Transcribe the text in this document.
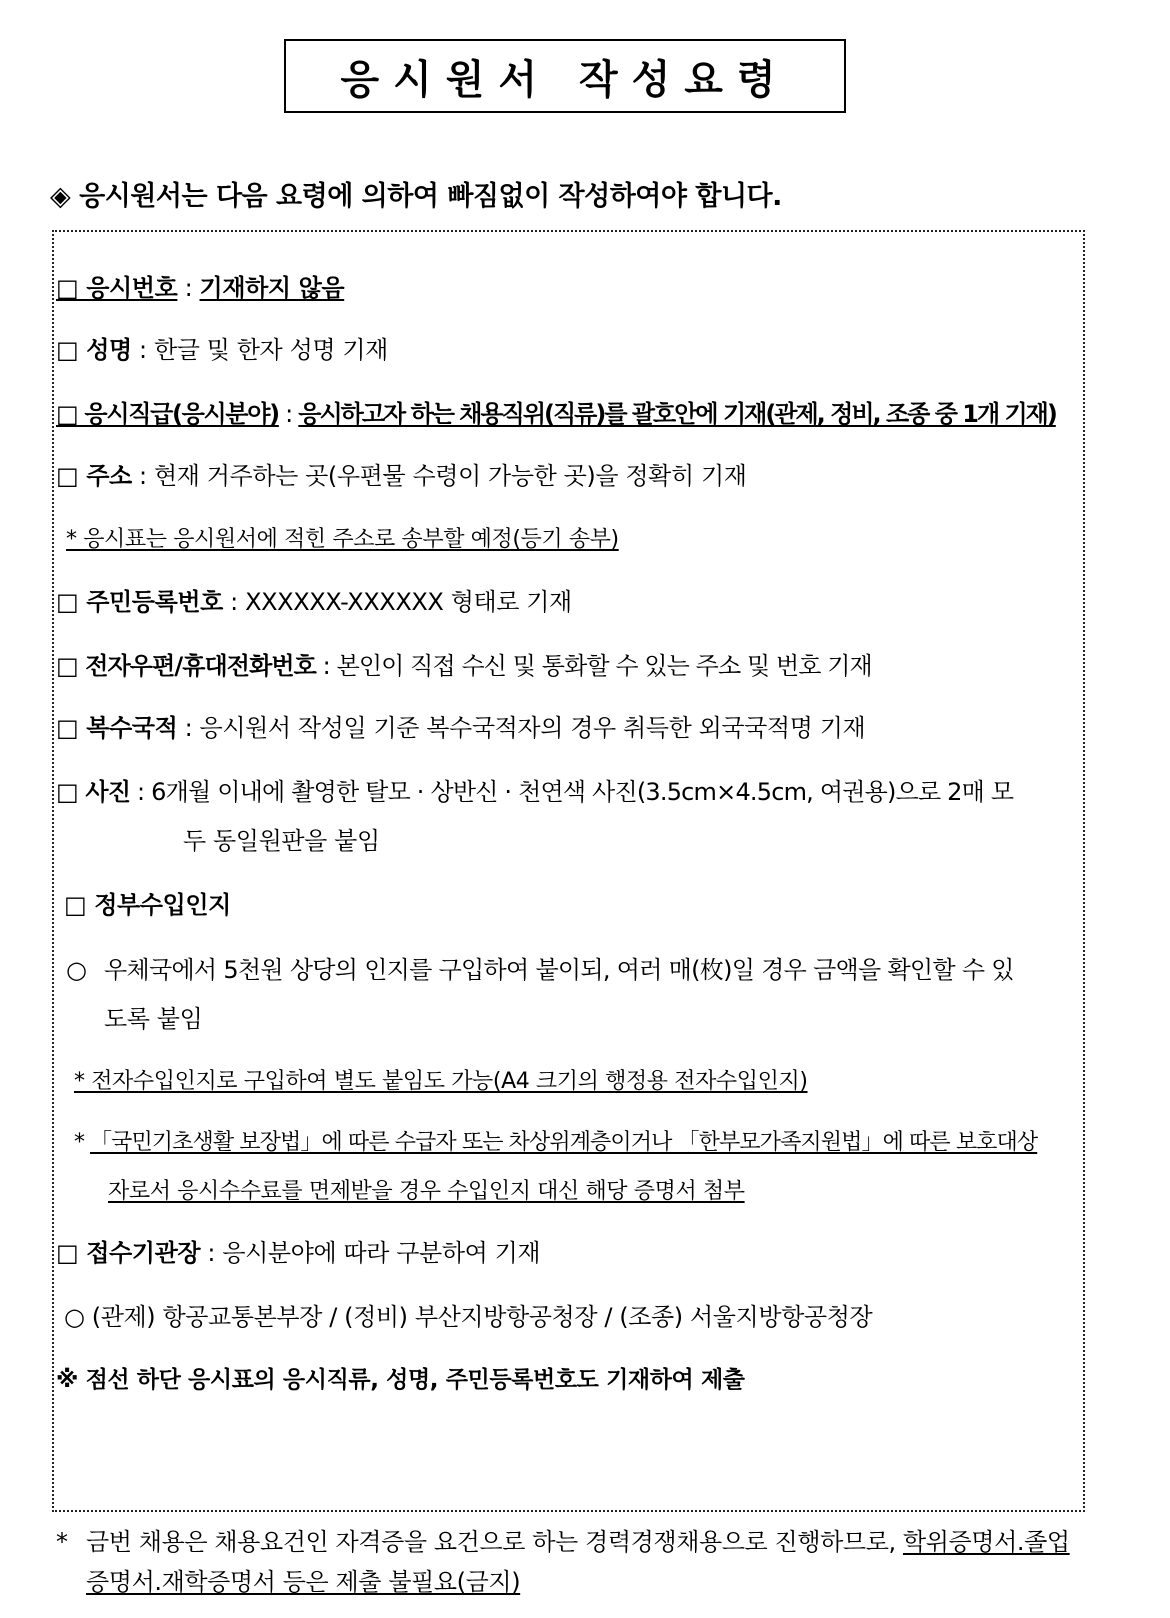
응시원서 작성요령
◈ 응시원서는 다음 요령에 의하여 빠짐없이 작성하여야 합니다.
□ 응시번호 : 기재하지 않음
□ 성명 : 한글 및 한자 성명 기재
□ 응시직급(응시분야) : 응시하고자 하는 채용직위(직류)를 괄호안에 기재(관제, 정비, 조종 중 1개 기재)
□ 주소 : 현재 거주하는 곳(우편물 수령이 가능한 곳)을 정확히 기재
* 응시표는 응시원서에 적힌 주소로 송부할 예정(등기 송부)
□ 주민등록번호 : XXXXXX-XXXXXX 형태로 기재
□ 전자우편/휴대전화번호 : 본인이 직접 수신 및 통화할 수 있는 주소 및 번호 기재
□ 복수국적 : 응시원서 작성일 기준 복수국적자의 경우 취득한 외국국적명 기재
□ 사진 : 6개월 이내에 촬영한 탈모 · 상반신 · 천연색 사진(3.5cm×4.5cm, 여권용)으로 2매 모
두 동일원판을 붙임
□ 정부수입인지
○ 우체국에서 5천원 상당의 인지를 구입하여 붙이되, 여러 매(枚)일 경우 금액을 확인할 수 있
도록 붙임
* 전자수입인지로 구입하여 별도 붙임도 가능(A4 크기의 행정용 전자수입인지)
* 「국민기초생활 보장법」에 따른 수급자 또는 차상위계층이거나 「한부모가족지원법」에 따른 보호대상
자로서 응시수수료를 면제받을 경우 수입인지 대신 해당 증명서 첨부
□ 접수기관장 : 응시분야에 따라 구분하여 기재
○ (관제) 항공교통본부장 / (정비) 부산지방항공청장 / (조종) 서울지방항공청장
※ 점선 하단 응시표의 응시직류, 성명, 주민등록번호도 기재하여 제출
* 금번 채용은 채용요건인 자격증을 요건으로 하는 경력경쟁채용으로 진행하므로, 학위증명서.졸업증명서.재학증명서 등은 제출 불필요(금지)
